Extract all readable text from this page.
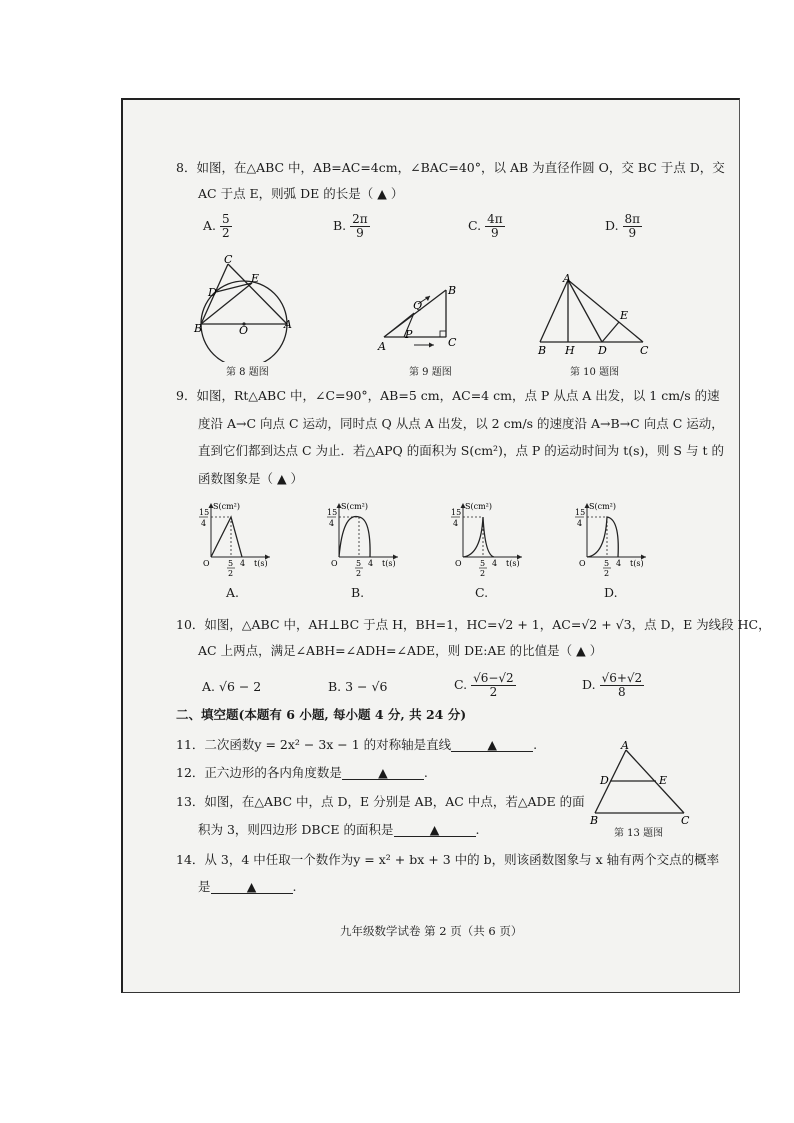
8．如图，在△ABC 中，AB=AC=4cm，∠BAC=40°，以 AB 为直径作圆 O，交 BC 于点 D，交
AC 于点 E，则弧 DE 的长是（ ▲ ）
A. $\frac{5}{2}$	B. $\frac{2\pi}{9}$	C. $\frac{4\pi}{9}$	D. $\frac{8\pi}{9}$
C
D
E
B	O	A
第 8 题图
Q
B
A
P
C
第 9 题图
A
E
B H D	C
第 10 题图
9．如图，Rt△ABC 中，∠C=90°，AB=5 cm，AC=4 cm，点 P 从点 A 出发，以 1 cm/s 的速
度沿 A→C 向点 C 运动，同时点 Q 从点 A 出发，以 2 cm/s 的速度沿 A→B→C 向点 C 运动，
直到它们都到达点 C 为止．若△APQ 的面积为 S(cm²)，点 P 的运动时间为 t(s)，则 S 与 t 的
函数图象是（ ▲ ）
S(cm²)
15
4
O 5
2
4 t(s)
S(cm²)
15
4
O 5
2
4 t(s)
S(cm²)
15
4
O 5
2
4 t(s)
S(cm²)
15
4
O 5
2
4 t(s)
A.	B.	C.	D.
10．如图，△ABC 中，AH⊥BC 于点 H，BH=1，HC=√2 + 1，AC=√2 + √3，点 D，E 为线段 HC，
AC 上两点，满足∠ABH=∠ADH=∠ADE，则 DE:AE 的比值是（ ▲ ）
A. √6 − 2	B. 3 − √6	C. $\frac{√6-√2}{2}$	D. $\frac{√6+√2}{8}$
二、填空题(本题有 6 小题, 每小题 4 分, 共 24 分)
11．二次函数y = 2x² − 3x − 1 的对称轴是直线	▲	.
12．正六边形的各内角度数是	▲	.
13．如图，在△ABC 中，点 D，E 分别是 AB，AC 中点，若△ADE 的面
积为 3，则四边形 DBCE 的面积是	▲	.
A
D	E
B	C
第 13 题图
14．从 3，4 中任取一个数作为y = x² + bx + 3 中的 b，则该函数图象与 x 轴有两个交点的概率
是	▲	.
九年级数学试卷 第 2 页（共 6 页）
